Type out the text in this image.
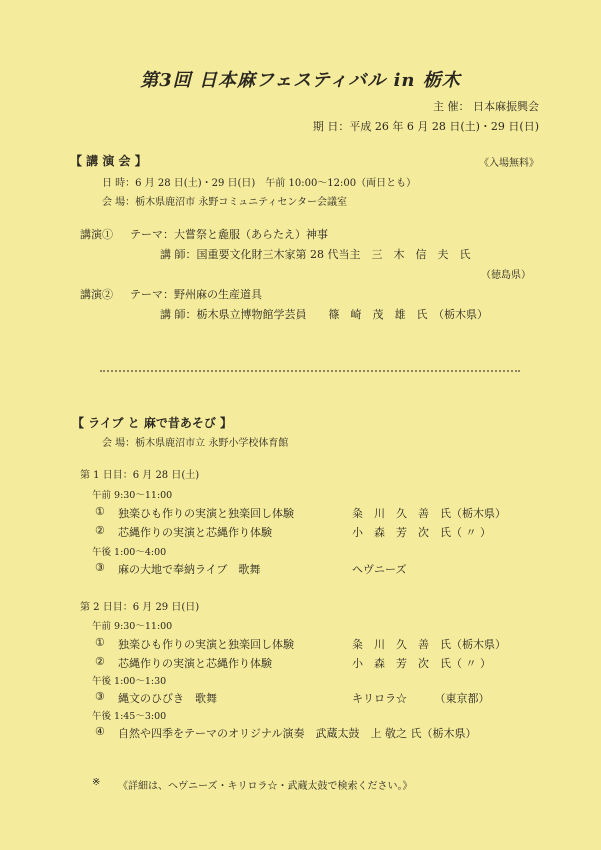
第3回 日本麻フェスティバル in 栃木
主 催： 日本麻振興会
期 日：平成 26 年 6 月 28 日(土)・29 日(日)
【 講 演 会 】	《入場無料》
日 時：6 月 28 日(土)・29 日(日)　午前 10:00～12:00（両日とも）
会 場：栃木県鹿沼市 永野コミュニティセンター会議室
講演① テーマ：大嘗祭と麁服（あらたえ）神事
講 師：国重要文化財三木家第 28 代当主　三　木　信　夫　氏
（徳島県）
講演② テーマ：野州麻の生産道具
講 師：栃木県立博物館学芸員　　篠　崎　茂　雄　氏　（栃木県）
【 ライブ と 麻で昔あそび 】
会 場：栃木県鹿沼市立 永野小学校体育館
第 1 日目：6 月 28 日(土)
午前 9:30～11:00
① 独楽ひも作りの実演と独楽回し体験	粂　川　久　善　氏（栃木県）
② 芯縄作りの実演と芯縄作り体験	小　森　芳　次　氏（ 〃 ）
午後 1:00～4:00
③ 麻の大地で奉納ライブ　歌舞	ヘヴニーズ
第 2 日目：6 月 29 日(日)
午前 9:30～11:00
① 独楽ひも作りの実演と独楽回し体験	粂　川　久　善　氏（栃木県）
② 芯縄作りの実演と芯縄作り体験	小　森　芳　次　氏（ 〃 ）
午後 1:00～1:30
③ 縄文のひびき　歌舞	キリロラ☆　　　（東京都）
午後 1:45～3:00
④ 自然や四季をテーマのオリジナル演奏　武蔵太鼓　上 敬之 氏（栃木県）
※ 《詳細は、ヘヴニーズ・キリロラ☆・武蔵太鼓で検索ください。》
